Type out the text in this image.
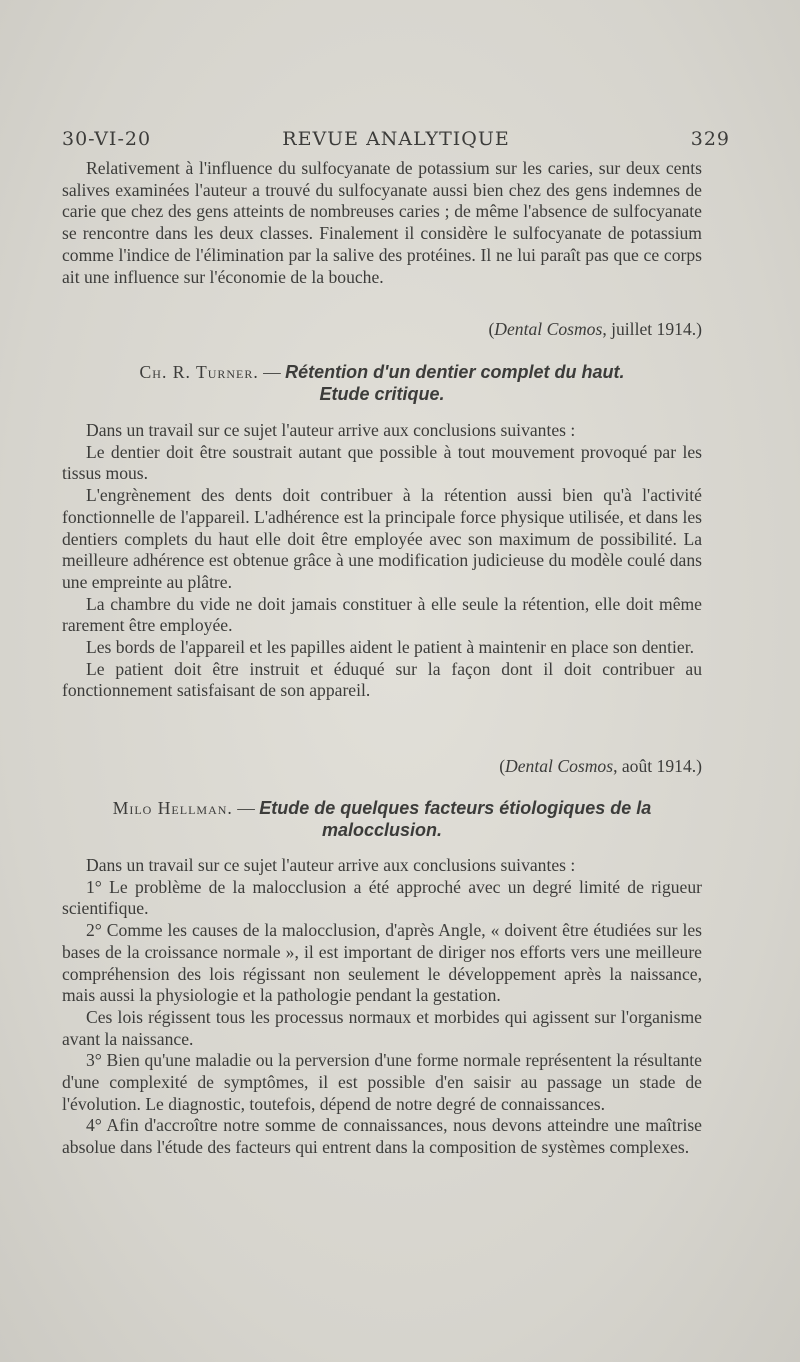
30-VI-20	REVUE ANALYTIQUE	329

Relativement à l'influence du sulfocyanate de potassium sur les caries, sur deux cents salives examinées l'auteur a trouvé du sulfocyanate aussi bien chez des gens indemnes de carie que chez des gens atteints de nombreuses caries ; de même l'absence de sulfocyanate se rencontre dans les deux classes. Finalement il considère le sulfocyanate de potassium comme l'indice de l'élimination par la salive des protéines. Il ne lui paraît pas que ce corps ait une influence sur l'économie de la bouche.

(Dental Cosmos, juillet 1914.)
Ch. R. Turner. — Rétention d'un dentier complet du haut.
Etude critique.

Dans un travail sur ce sujet l'auteur arrive aux conclusions suivantes :

Le dentier doit être soustrait autant que possible à tout mouvement provoqué par les tissus mous.

L'engrènement des dents doit contribuer à la rétention aussi bien qu'à l'activité fonctionnelle de l'appareil. L'adhérence est la principale force physique utilisée, et dans les dentiers complets du haut elle doit être employée avec son maximum de possibilité. La meilleure adhérence est obtenue grâce à une modification judicieuse du modèle coulé dans une empreinte au plâtre.

La chambre du vide ne doit jamais constituer à elle seule la rétention, elle doit même rarement être employée.

Les bords de l'appareil et les papilles aident le patient à maintenir en place son dentier.

Le patient doit être instruit et éduqué sur la façon dont il doit contribuer au fonctionnement satisfaisant de son appareil.

(Dental Cosmos, août 1914.)
Milo Hellman. — Etude de quelques facteurs étiologiques de la
malocclusion.

Dans un travail sur ce sujet l'auteur arrive aux conclusions suivantes :

1° Le problème de la malocclusion a été approché avec un degré limité de rigueur scientifique.

2° Comme les causes de la malocclusion, d'après Angle, « doivent être étudiées sur les bases de la croissance normale », il est important de diriger nos efforts vers une meilleure compréhension des lois régissant non seulement le développement après la naissance, mais aussi la physiologie et la pathologie pendant la gestation.

Ces lois régissent tous les processus normaux et morbides qui agissent sur l'organisme avant la naissance.

3° Bien qu'une maladie ou la perversion d'une forme normale représentent la résultante d'une complexité de symptômes, il est possible d'en saisir au passage un stade de l'évolution. Le diagnostic, toutefois, dépend de notre degré de connaissances.

4° Afin d'accroître notre somme de connaissances, nous devons atteindre une maîtrise absolue dans l'étude des facteurs qui entrent dans la composition de systèmes complexes.
